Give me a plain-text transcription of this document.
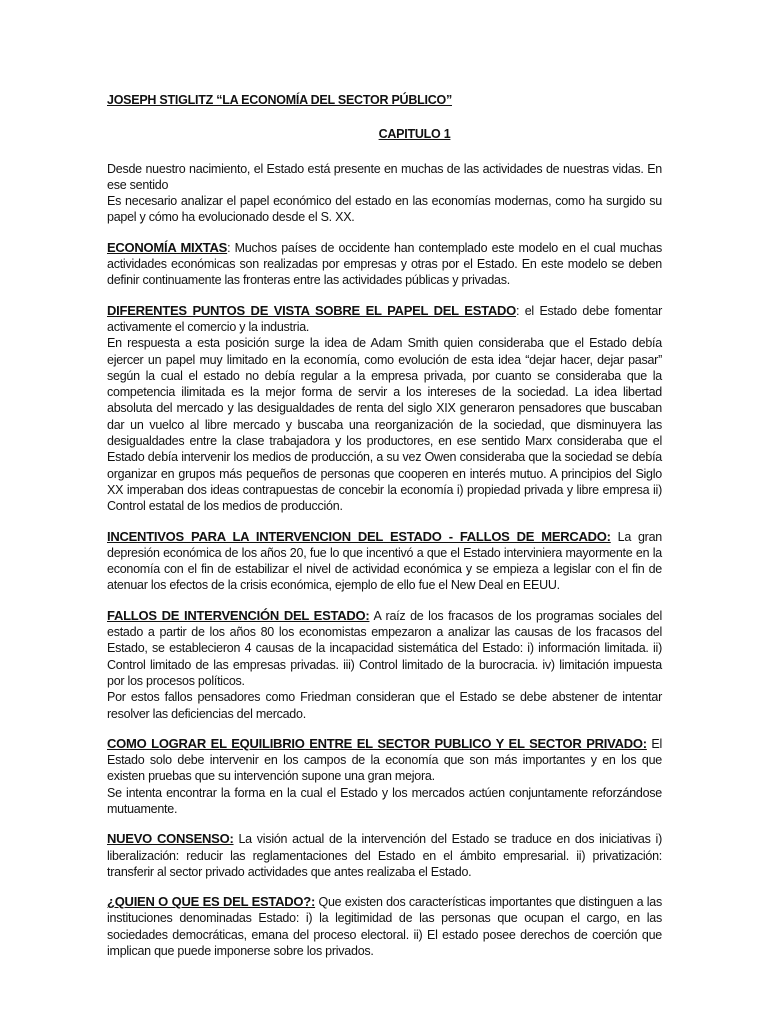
JOSEPH STIGLITZ “LA ECONOMÍA DEL SECTOR PÚBLICO”

CAPITULO 1

Desde nuestro nacimiento, el Estado está presente en muchas de las actividades de nuestras vidas. En ese sentido

Es necesario analizar el papel económico del estado en las economías modernas, como ha surgido su papel y cómo ha evolucionado desde el S. XX.

ECONOMÍA MIXTAS: Muchos países de occidente han contemplado este modelo en el cual muchas actividades económicas son realizadas por empresas y otras por el Estado. En este modelo se deben definir continuamente las fronteras entre las actividades públicas y privadas.

DIFERENTES PUNTOS DE VISTA SOBRE EL PAPEL DEL ESTADO: el Estado debe fomentar activamente el comercio y la industria.

En respuesta a esta posición surge la idea de Adam Smith quien consideraba que el Estado debía ejercer un papel muy limitado en la economía, como evolución de esta idea “dejar hacer, dejar pasar” según la cual el estado no debía regular a la empresa privada, por cuanto se consideraba que la competencia ilimitada es la mejor forma de servir a los intereses de la sociedad. La idea libertad absoluta del mercado y las desigualdades de renta del siglo XIX generaron pensadores que buscaban dar un vuelco al libre mercado y buscaba una reorganización de la sociedad, que disminuyera las desigualdades entre la clase trabajadora y los productores, en ese sentido Marx consideraba que el Estado debía intervenir los medios de producción, a su vez Owen consideraba que la sociedad se debía organizar en grupos más pequeños de personas que cooperen en interés mutuo. A principios del Siglo XX imperaban dos ideas contrapuestas de concebir la economía i) propiedad privada y libre empresa ii) Control estatal de los medios de producción.

INCENTIVOS PARA LA INTERVENCION DEL ESTADO - FALLOS DE MERCADO: La gran depresión económica de los años 20, fue lo que incentivó a que el Estado interviniera mayormente en la economía con el fin de estabilizar el nivel de actividad económica y se empieza a legislar con el fin de atenuar los efectos de la crisis económica, ejemplo de ello fue el New Deal en EEUU.

FALLOS DE INTERVENCIÓN DEL ESTADO: A raíz de los fracasos de los programas sociales del estado a partir de los años 80 los economistas empezaron a analizar las causas de los fracasos del Estado, se establecieron 4 causas de la incapacidad sistemática del Estado: i) información limitada. ii) Control limitado de las empresas privadas. iii) Control limitado de la burocracia. iv) limitación impuesta por los procesos políticos.

Por estos fallos pensadores como Friedman consideran que el Estado se debe abstener de intentar resolver las deficiencias del mercado.

COMO LOGRAR EL EQUILIBRIO ENTRE EL SECTOR PUBLICO Y EL SECTOR PRIVADO: El Estado solo debe intervenir en los campos de la economía que son más importantes y en los que existen pruebas que su intervención supone una gran mejora.

Se intenta encontrar la forma en la cual el Estado y los mercados actúen conjuntamente reforzándose mutuamente.

NUEVO CONSENSO: La visión actual de la intervención del Estado se traduce en dos iniciativas i) liberalización: reducir las reglamentaciones del Estado en el ámbito empresarial. ii) privatización: transferir al sector privado actividades que antes realizaba el Estado.

¿QUIEN O QUE ES DEL ESTADO?: Que existen dos características importantes que distinguen a las instituciones denominadas Estado: i) la legitimidad de las personas que ocupan el cargo, en las sociedades democráticas, emana del proceso electoral. ii) El estado posee derechos de coerción que implican que puede imponerse sobre los privados.
